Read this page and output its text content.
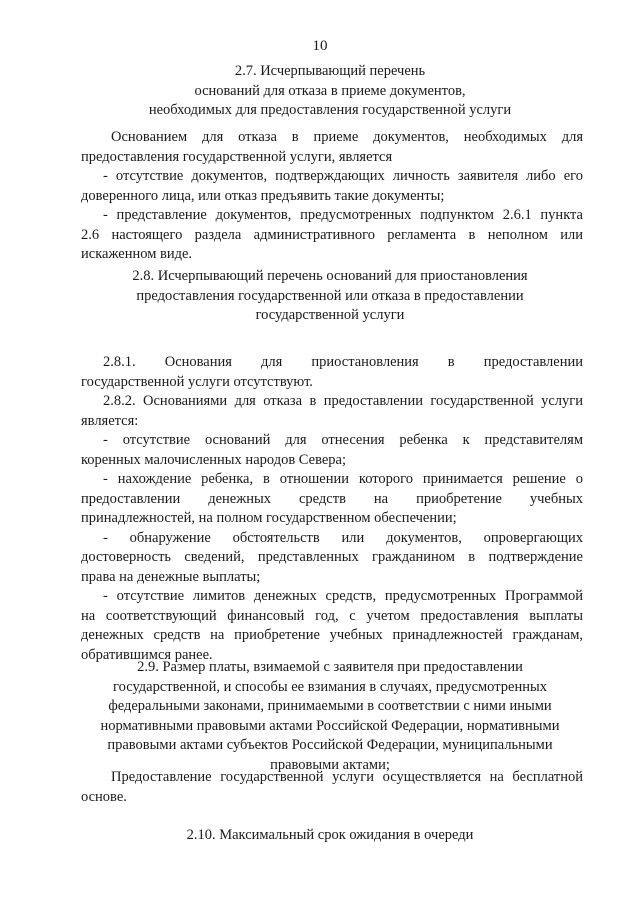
10
2.7. Исчерпывающий перечень
оснований для отказа в приеме документов,
необходимых для предоставления государственной услуги
Основанием для отказа в приеме документов, необходимых для
предоставления государственной услуги, является
- отсутствие документов, подтверждающих личность заявителя либо его
доверенного лица, или отказ предъявить такие документы;
- представление документов, предусмотренных подпунктом 2.6.1 пункта
2.6 настоящего раздела административного регламента в неполном или
искаженном виде.
2.8. Исчерпывающий перечень оснований для приостановления
предоставления государственной или отказа в предоставлении
государственной услуги
2.8.1. Основания для приостановления в предоставлении
государственной услуги отсутствуют.
2.8.2. Основаниями для отказа в предоставлении государственной услуги
является:
- отсутствие оснований для отнесения ребенка к представителям
коренных малочисленных народов Севера;
- нахождение ребенка, в отношении которого принимается решение о
предоставлении денежных средств на приобретение учебных
принадлежностей, на полном государственном обеспечении;
- обнаружение обстоятельств или документов, опровергающих
достоверность сведений, представленных гражданином в подтверждение
права на денежные выплаты;
- отсутствие лимитов денежных средств, предусмотренных Программой
на соответствующий финансовый год, с учетом предоставления выплаты
денежных средств на приобретение учебных принадлежностей гражданам,
обратившимся ранее.
2.9. Размер платы, взимаемой с заявителя при предоставлении
государственной, и способы ее взимания в случаях, предусмотренных
федеральными законами, принимаемыми в соответствии с ними иными
нормативными правовыми актами Российской Федерации, нормативными
правовыми актами субъектов Российской Федерации, муниципальными
правовыми актами;
Предоставление государственной услуги осуществляется на бесплатной
основе.
2.10. Максимальный срок ожидания в очереди
